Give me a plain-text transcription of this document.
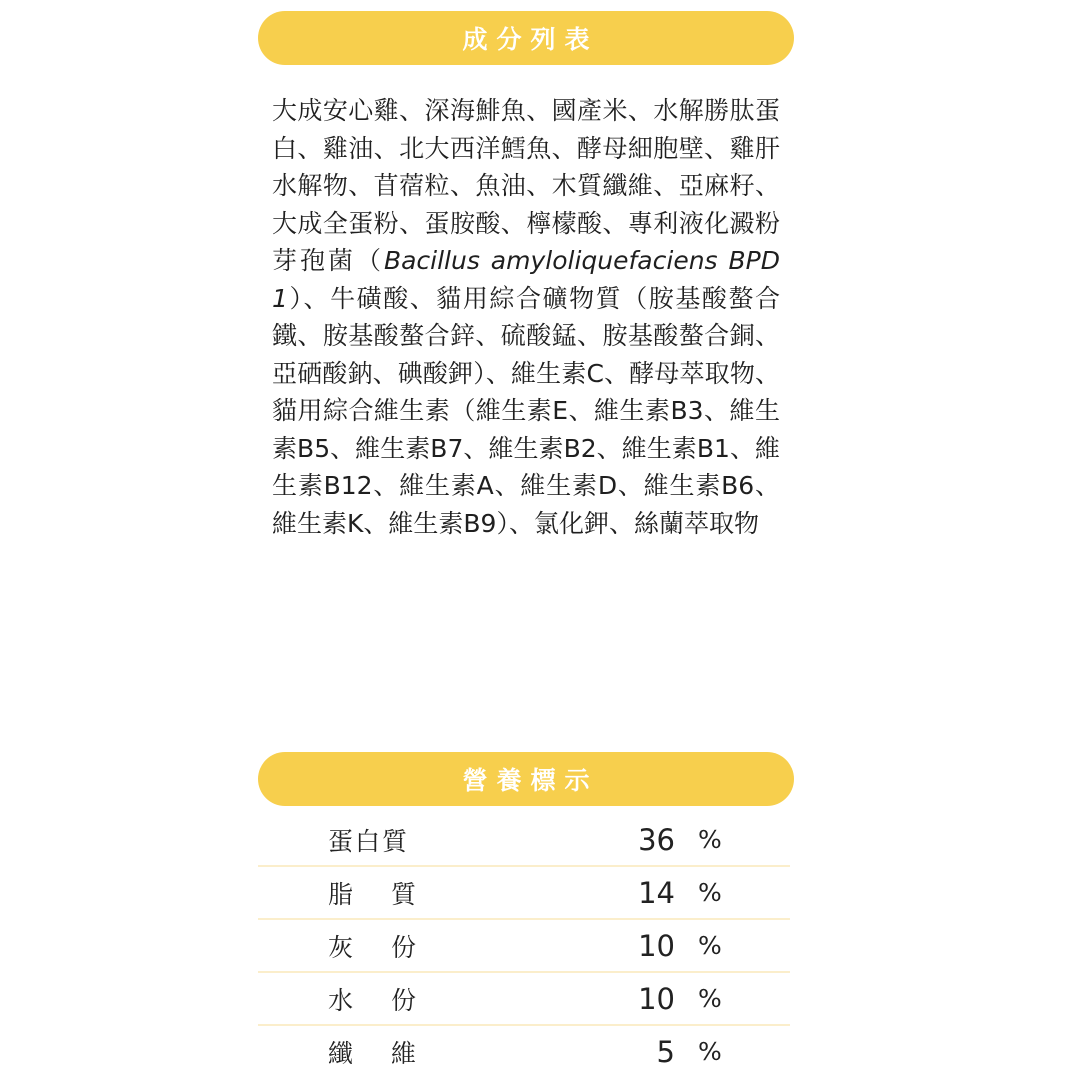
成分列表

大成安心雞、深海鯡魚、國產米、水解勝肽蛋白、雞油、北大西洋鱈魚、酵母細胞壁、雞肝水解物、苜蓿粒、魚油、木質纖維、亞麻籽、大成全蛋粉、蛋胺酸、檸檬酸、專利液化澱粉芽孢菌（Bacillus amyloliquefaciens BPD1）、牛磺酸、貓用綜合礦物質（胺基酸螯合鐵、胺基酸螯合鋅、硫酸錳、胺基酸螯合銅、亞硒酸鈉、碘酸鉀）、維生素C、酵母萃取物、貓用綜合維生素（維生素E、維生素B3、維生素B5、維生素B7、維生素B2、維生素B1、維生素B12、維生素A、維生素D、維生素B6、維生素K、維生素B9）、氯化鉀、絲蘭萃取物

營養標示
蛋白質	36 %
脂 質	14 %
灰 份	10 %
水 份	10 %
纖 維	5 %
